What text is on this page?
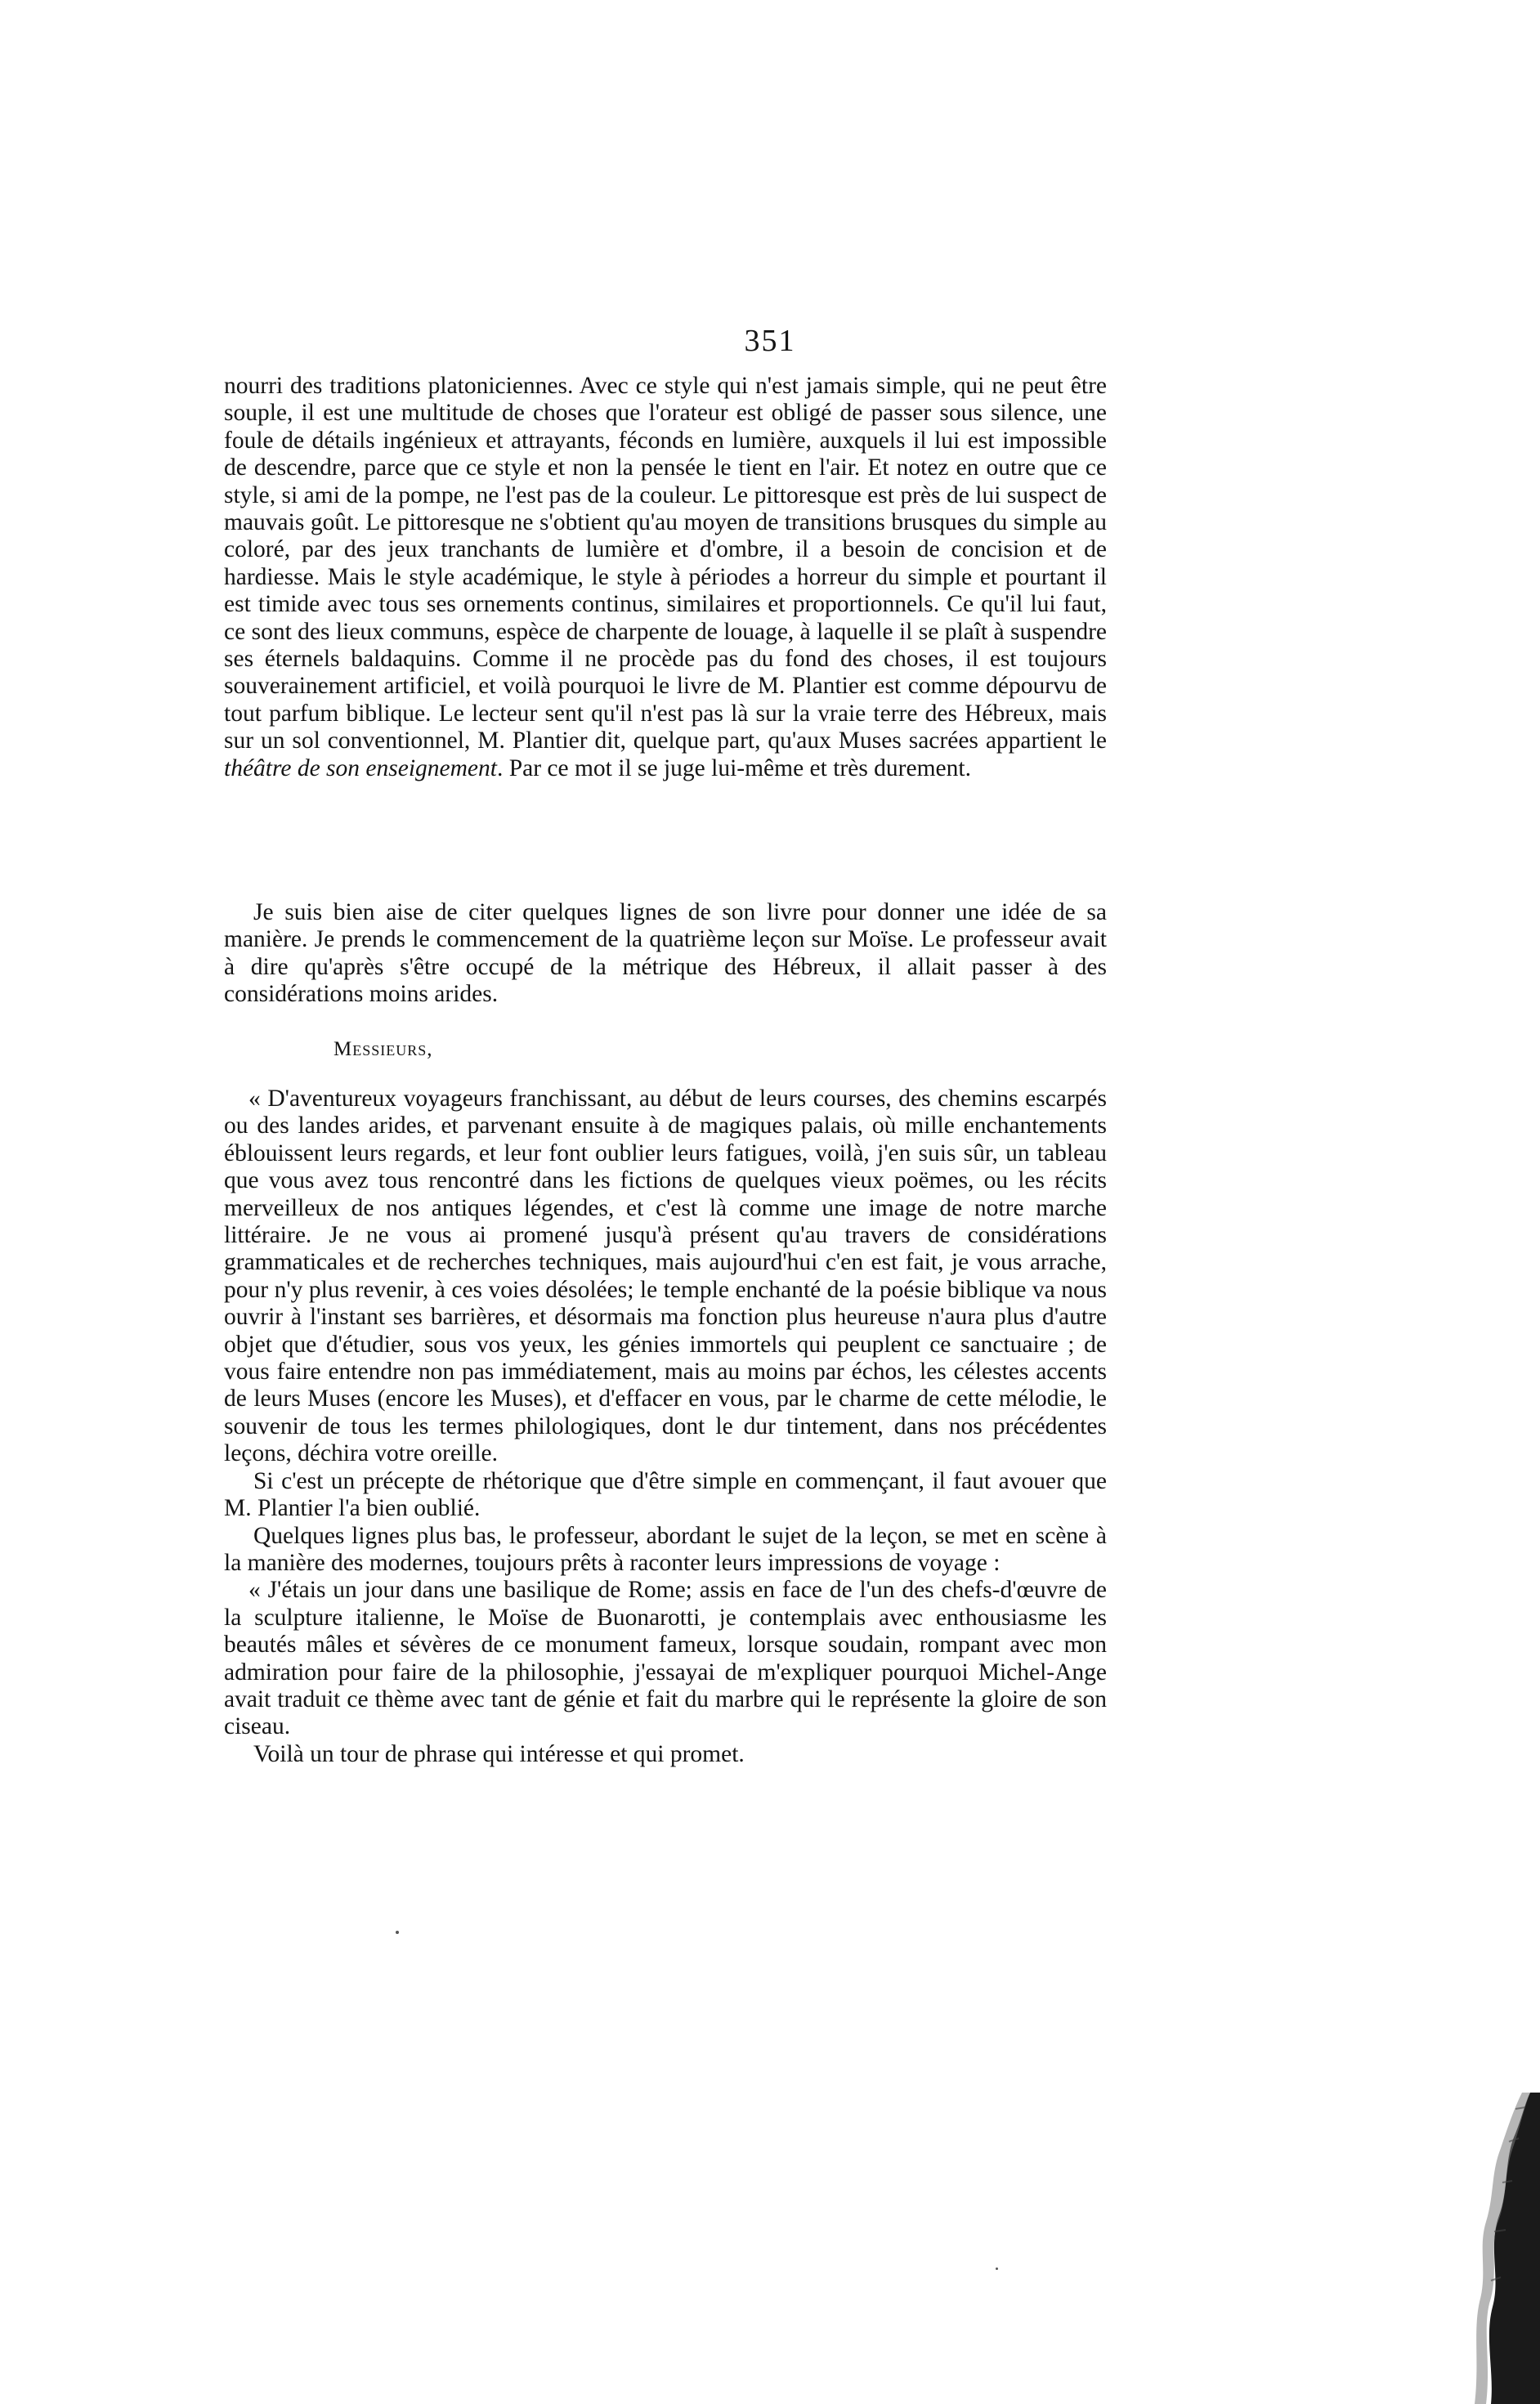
351

nourri des traditions platoniciennes. Avec ce style qui n'est jamais simple, qui ne peut être souple, il est une multitude de choses que l'orateur est obligé de passer sous silence, une foule de détails ingénieux et attrayants, féconds en lumière, auxquels il lui est impossible de descendre, parce que ce style et non la pensée le tient en l'air. Et notez en outre que ce style, si ami de la pompe, ne l'est pas de la couleur. Le pittoresque est près de lui suspect de mauvais goût. Le pittoresque ne s'obtient qu'au moyen de transitions brusques du simple au coloré, par des jeux tranchants de lumière et d'ombre, il a besoin de concision et de hardiesse. Mais le style académique, le style à périodes a horreur du simple et pourtant il est timide avec tous ses ornements continus, similaires et proportionnels. Ce qu'il lui faut, ce sont des lieux communs, espèce de charpente de louage, à laquelle il se plaît à suspendre ses éternels baldaquins. Comme il ne procède pas du fond des choses, il est toujours souverainement artificiel, et voilà pourquoi le livre de M. Plantier est comme dépourvu de tout parfum biblique. Le lecteur sent qu'il n'est pas là sur la vraie terre des Hébreux, mais sur un sol conventionnel, M. Plantier dit, quelque part, qu'aux Muses sacrées appartient le théâtre de son enseignement. Par ce mot il se juge lui-même et très durement.

Je suis bien aise de citer quelques lignes de son livre pour donner une idée de sa manière. Je prends le commencement de la quatrième leçon sur Moïse. Le professeur avait à dire qu'après s'être occupé de la métrique des Hébreux, il allait passer à des considérations moins arides.

Messieurs,

« D'aventureux voyageurs franchissant, au début de leurs courses, des chemins escarpés ou des landes arides, et parvenant ensuite à de magiques palais, où mille enchantements éblouissent leurs regards, et leur font oublier leurs fatigues, voilà, j'en suis sûr, un tableau que vous avez tous rencontré dans les fictions de quelques vieux poëmes, ou les récits merveilleux de nos antiques légendes, et c'est là comme une image de notre marche littéraire. Je ne vous ai promené jusqu'à présent qu'au travers de considérations grammaticales et de recherches techniques, mais aujourd'hui c'en est fait, je vous arrache, pour n'y plus revenir, à ces voies désolées; le temple enchanté de la poésie biblique va nous ouvrir à l'instant ses barrières, et désormais ma fonction plus heureuse n'aura plus d'autre objet que d'étudier, sous vos yeux, les génies immortels qui peuplent ce sanctuaire ; de vous faire entendre non pas immédiatement, mais au moins par échos, les célestes accents de leurs Muses (encore les Muses), et d'effacer en vous, par le charme de cette mélodie, le souvenir de tous les termes philologiques, dont le dur tintement, dans nos précédentes leçons, déchira votre oreille.

Si c'est un précepte de rhétorique que d'être simple en commençant, il faut avouer que M. Plantier l'a bien oublié.

Quelques lignes plus bas, le professeur, abordant le sujet de la leçon, se met en scène à la manière des modernes, toujours prêts à raconter leurs impressions de voyage :

« J'étais un jour dans une basilique de Rome; assis en face de l'un des chefs-d'œuvre de la sculpture italienne, le Moïse de Buonarotti, je contemplais avec enthousiasme les beautés mâles et sévères de ce monument fameux, lorsque soudain, rompant avec mon admiration pour faire de la philosophie, j'essayai de m'expliquer pourquoi Michel-Ange avait traduit ce thème avec tant de génie et fait du marbre qui le représente la gloire de son ciseau.

Voilà un tour de phrase qui intéresse et qui promet.
